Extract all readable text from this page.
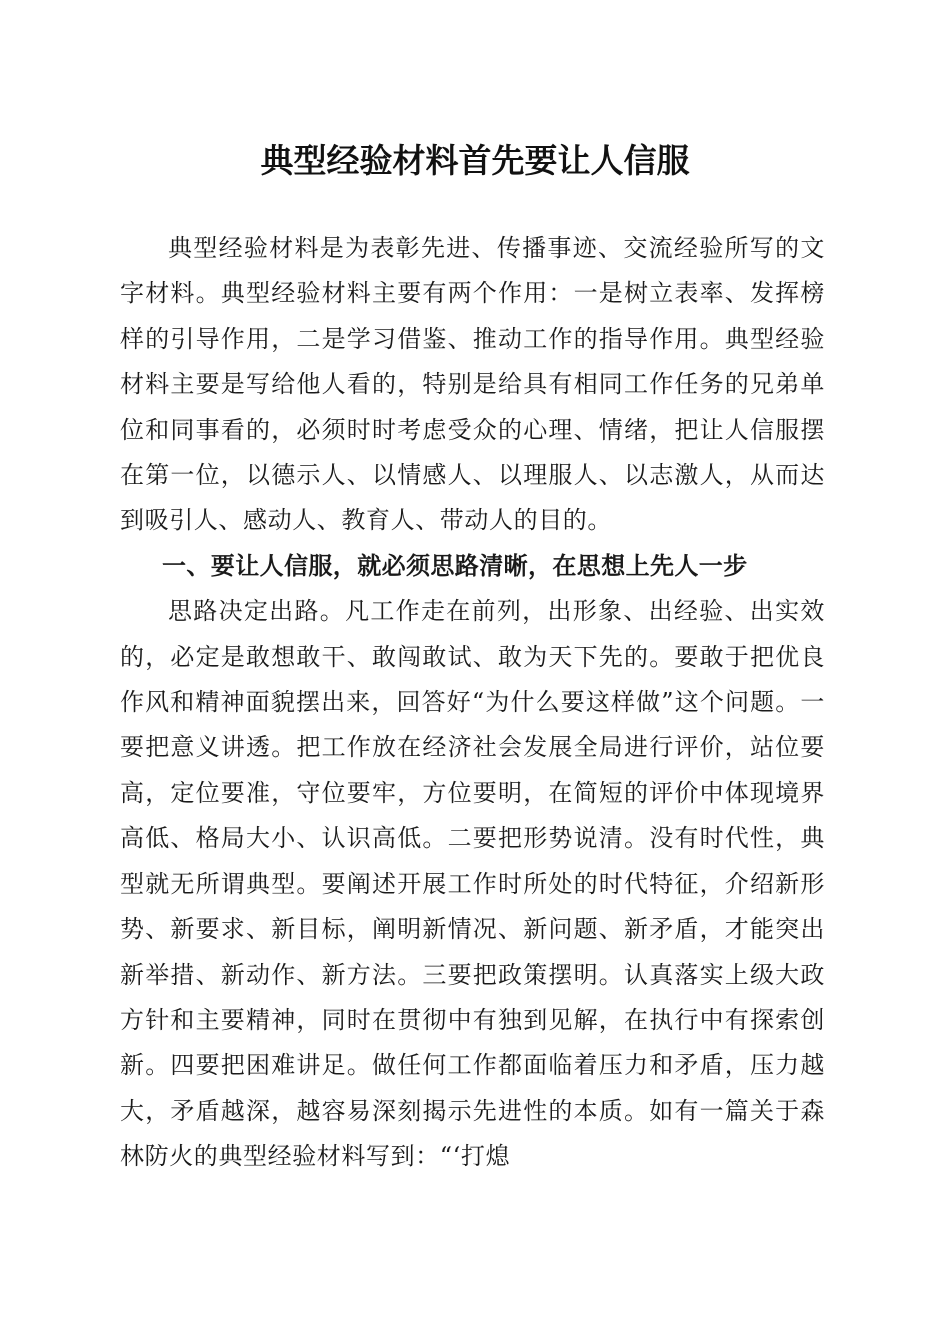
典型经验材料首先要让人信服

典型经验材料是为表彰先进、传播事迹、交流经验所写的文字材料。典型经验材料主要有两个作用：一是树立表率、发挥榜样的引导作用，二是学习借鉴、推动工作的指导作用。典型经验材料主要是写给他人看的，特别是给具有相同工作任务的兄弟单位和同事看的，必须时时考虑受众的心理、情绪，把让人信服摆在第一位，以德示人、以情感人、以理服人、以志激人，从而达到吸引人、感动人、教育人、带动人的目的。

一、要让人信服，就必须思路清晰，在思想上先人一步

思路决定出路。凡工作走在前列，出形象、出经验、出实效的，必定是敢想敢干、敢闯敢试、敢为天下先的。要敢于把优良作风和精神面貌摆出来，回答好“为什么要这样做”这个问题。一要把意义讲透。把工作放在经济社会发展全局进行评价，站位要高，定位要准，守位要牢，方位要明，在简短的评价中体现境界高低、格局大小、认识高低。二要把形势说清。没有时代性，典型就无所谓典型。要阐述开展工作时所处的时代特征，介绍新形势、新要求、新目标，阐明新情况、新问题、新矛盾，才能突出新举措、新动作、新方法。三要把政策摆明。认真落实上级大政方针和主要精神，同时在贯彻中有独到见解，在执行中有探索创新。四要把困难讲足。做任何工作都面临着压力和矛盾，压力越大，矛盾越深，越容易深刻揭示先进性的本质。如有一篇关于森林防火的典型经验材料写到：“‘打熄
